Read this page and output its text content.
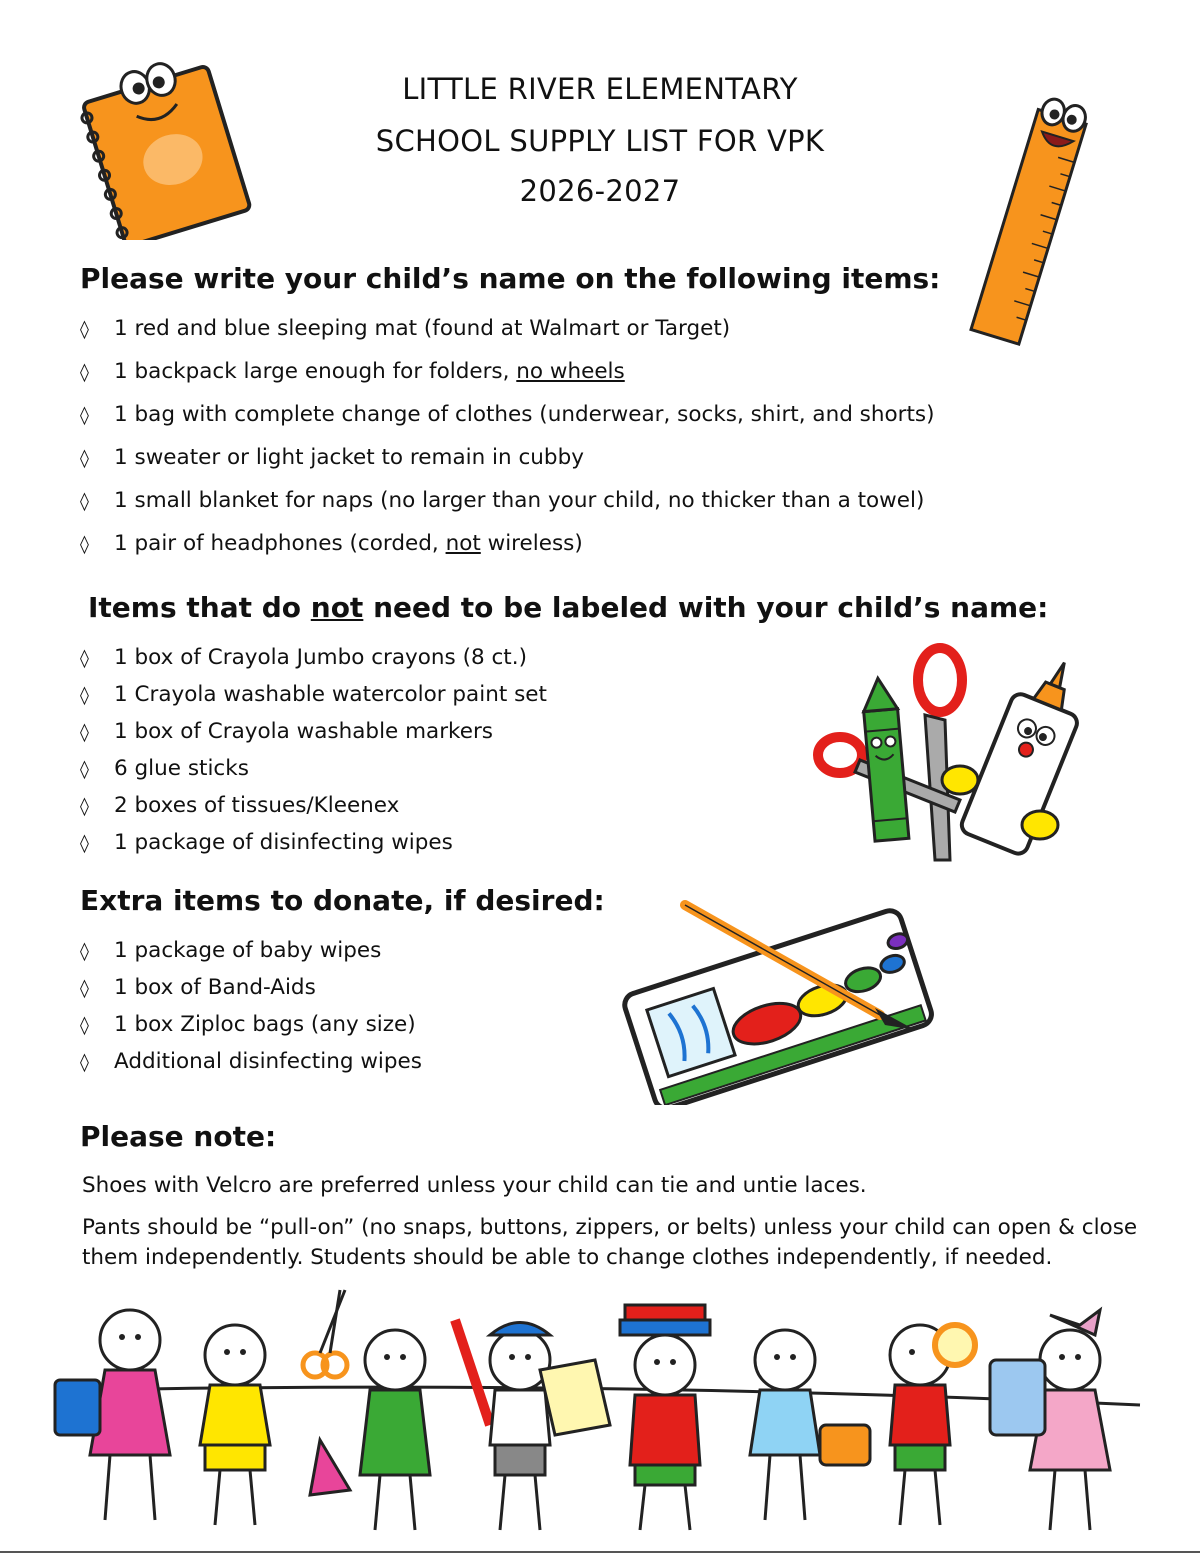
LITTLE RIVER ELEMENTARY
SCHOOL SUPPLY LIST FOR VPK
2026-2027
Please write your child’s name on the following items:
◊ 1 red and blue sleeping mat (found at Walmart or Target)
◊ 1 backpack large enough for folders, no wheels
◊ 1 bag with complete change of clothes (underwear, socks, shirt, and shorts)
◊ 1 sweater or light jacket to remain in cubby
◊ 1 small blanket for naps (no larger than your child, no thicker than a towel)
◊ 1 pair of headphones (corded, not wireless)
Items that do not need to be labeled with your child’s name:
◊ 1 box of Crayola Jumbo crayons (8 ct.)
◊ 1 Crayola washable watercolor paint set
◊ 1 box of Crayola washable markers
◊ 6 glue sticks
◊ 2 boxes of tissues/Kleenex
◊ 1 package of disinfecting wipes
Extra items to donate, if desired:
◊ 1 package of baby wipes
◊ 1 box of Band-Aids
◊ 1 box Ziploc bags (any size)
◊ Additional disinfecting wipes
Please note:
Shoes with Velcro are preferred unless your child can tie and untie laces.
Pants should be “pull-on” (no snaps, buttons, zippers, or belts) unless your child can open & close them independently. Students should be able to change clothes independently, if needed.
